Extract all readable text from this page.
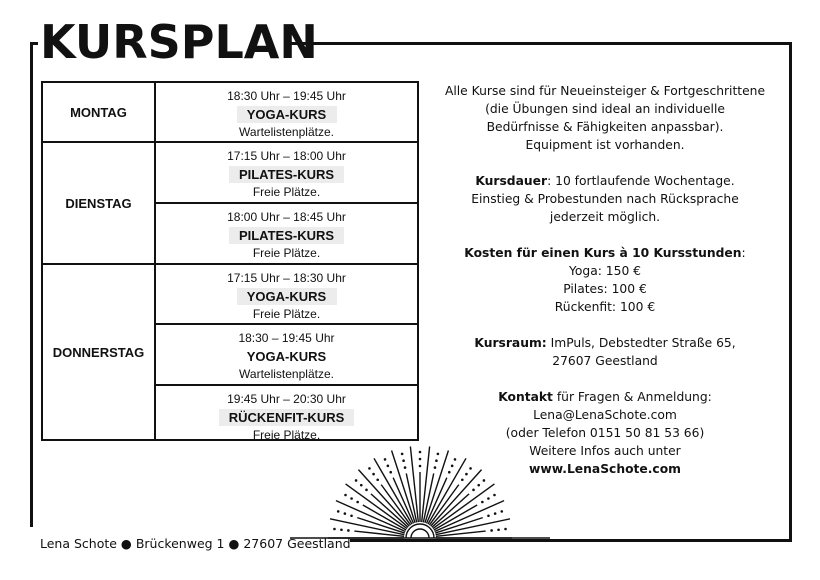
KURSPLAN
MONTAG
18:30 Uhr – 19:45 Uhr
YOGA-KURS
Wartelistenplätze.
DIENSTAG
17:15 Uhr – 18:00 Uhr
PILATES-KURS
Freie Plätze.
18:00 Uhr – 18:45 Uhr
PILATES-KURS
Freie Plätze.
DONNERSTAG
17:15 Uhr – 18:30 Uhr
YOGA-KURS
Freie Plätze.
18:30 – 19:45 Uhr
YOGA-KURS
Wartelistenplätze.
19:45 Uhr – 20:30 Uhr
RÜCKENFIT-KURS
Freie Plätze.

Alle Kurse sind für Neueinsteiger & Fortgeschrittene

(die Übungen sind ideal an individuelle

Bedürfnisse & Fähigkeiten anpassbar).

Equipment ist vorhanden.

Kursdauer: 10 fortlaufende Wochentage.

Einstieg & Probestunden nach Rücksprache

jederzeit möglich.

Kosten für einen Kurs à 10 Kursstunden:

Yoga: 150 €

Pilates: 100 €

Rückenfit: 100 €

Kursraum: ImPuls, Debstedter Straße 65,

27607 Geestland

Kontakt für Fragen & Anmeldung:

Lena@LenaSchote.com

(oder Telefon 0151 50 81 53 66)

Weitere Infos auch unter

www.LenaSchote.com

Lena Schote ● Brückenweg 1 ● 27607 Geestland
